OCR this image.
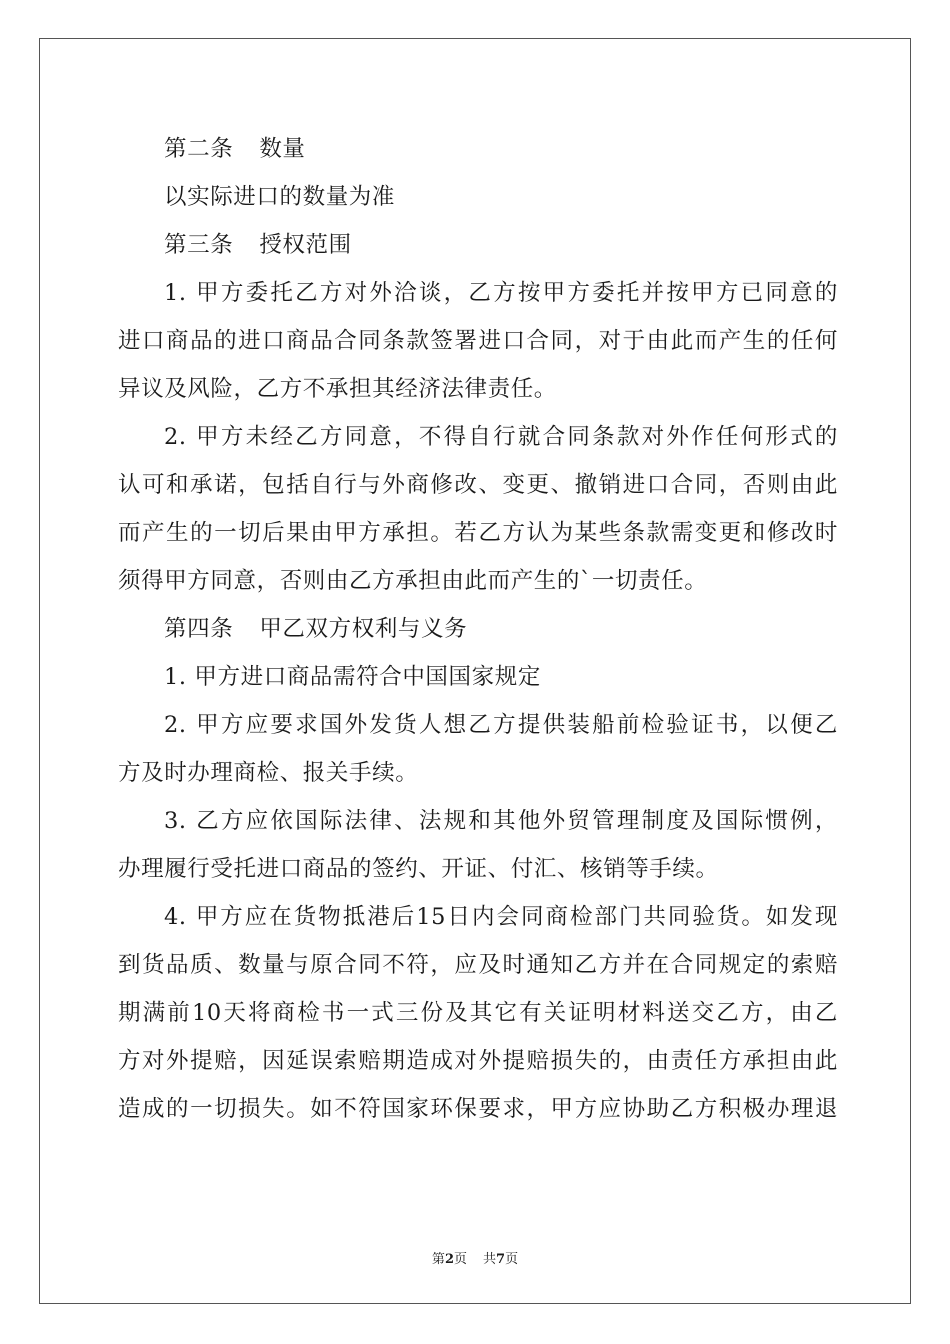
第二条 数量
以实际进口的数量为准
第三条 授权范围
1. 甲方委托乙方对外洽谈，乙方按甲方委托并按甲方已同意的
进口商品的进口商品合同条款签署进口合同，对于由此而产生的任何
异议及风险，乙方不承担其经济法律责任。
2. 甲方未经乙方同意，不得自行就合同条款对外作任何形式的
认可和承诺，包括自行与外商修改、变更、撤销进口合同，否则由此
而产生的一切后果由甲方承担。若乙方认为某些条款需变更和修改时
须得甲方同意，否则由乙方承担由此而产生的`一切责任。
第四条 甲乙双方权利与义务
1. 甲方进口商品需符合中国国家规定
2. 甲方应要求国外发货人想乙方提供装船前检验证书，以便乙
方及时办理商检、报关手续。
3. 乙方应依国际法律、法规和其他外贸管理制度及国际惯例，
办理履行受托进口商品的签约、开证、付汇、核销等手续。
4. 甲方应在货物抵港后15日内会同商检部门共同验货。如发现
到货品质、数量与原合同不符，应及时通知乙方并在合同规定的索赔
期满前10天将商检书一式三份及其它有关证明材料送交乙方，由乙
方对外提赔，因延误索赔期造成对外提赔损失的，由责任方承担由此
造成的一切损失。如不符国家环保要求，甲方应协助乙方积极办理退
第2页 共7页
